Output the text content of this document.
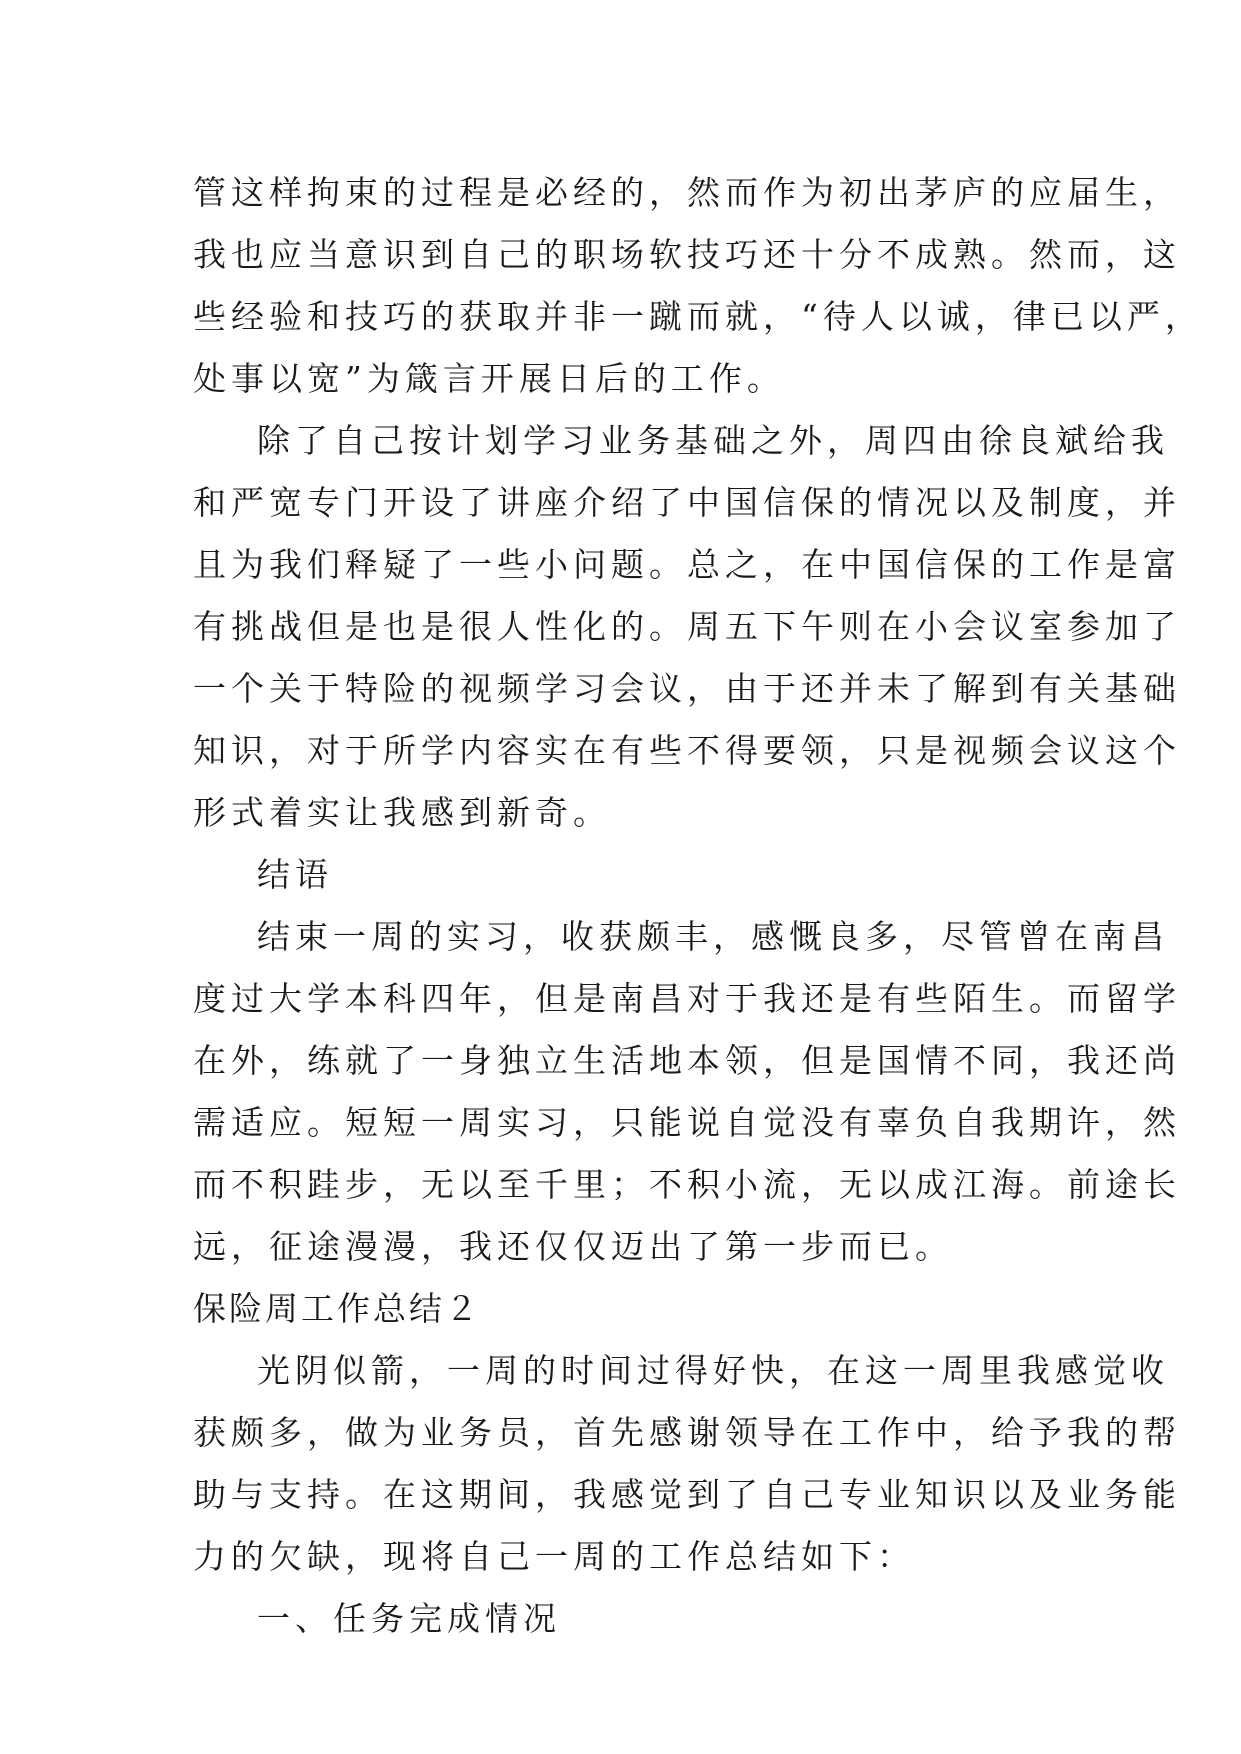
管这样拘束的过程是必经的，然而作为初出茅庐的应届生，
我也应当意识到自己的职场软技巧还十分不成熟。然而，这
些经验和技巧的获取并非一蹴而就，“待人以诚，律已以严，
处事以宽”为箴言开展日后的工作。
除了自己按计划学习业务基础之外，周四由徐良斌给我
和严宽专门开设了讲座介绍了中国信保的情况以及制度，并
且为我们释疑了一些小问题。总之，在中国信保的工作是富
有挑战但是也是很人性化的。周五下午则在小会议室参加了
一个关于特险的视频学习会议，由于还并未了解到有关基础
知识，对于所学内容实在有些不得要领，只是视频会议这个
形式着实让我感到新奇。
结语
结束一周的实习，收获颇丰，感慨良多，尽管曾在南昌
度过大学本科四年，但是南昌对于我还是有些陌生。而留学
在外，练就了一身独立生活地本领，但是国情不同，我还尚
需适应。短短一周实习，只能说自觉没有辜负自我期许，然
而不积跬步，无以至千里；不积小流，无以成江海。前途长
远，征途漫漫，我还仅仅迈出了第一步而已。
保险周工作总结２
光阴似箭，一周的时间过得好快，在这一周里我感觉收
获颇多，做为业务员，首先感谢领导在工作中，给予我的帮
助与支持。在这期间，我感觉到了自己专业知识以及业务能
力的欠缺，现将自己一周的工作总结如下：
一、任务完成情况
